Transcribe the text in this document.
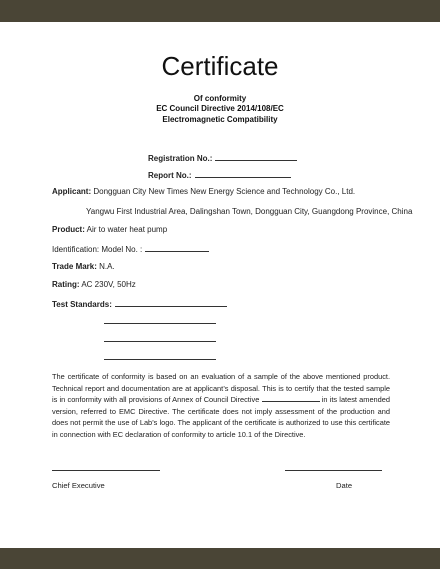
Certificate
Of conformity
EC Council Directive 2014/108/EC
Electromagnetic Compatibility
Registration No.:
Report No.:
Applicant: Dongguan City New Times New Energy Science and Technology Co., Ltd.
Yangwu First Industrial Area, Dalingshan Town, Dongguan City, Guangdong Province, China
Product: Air to water heat pump
Identification: Model No. :
Trade Mark: N.A.
Rating: AC 230V, 50Hz
Test Standards:
The certificate of conformity is based on an evaluation of a sample of the above mentioned product. Technical report and documentation are at applicant’s disposal. This is to certify that the tested sample is in conformity with all provisions of Annex of Council Directive	in its latest amended version, referred to EMC Directive. The certificate does not imply assessment of the production and does not permit the use of Lab’s logo. The applicant of the certificate is authorized to use this certificate in connection with EC declaration of conformity to article 10.1 of the Directive.
Chief Executive	Date
